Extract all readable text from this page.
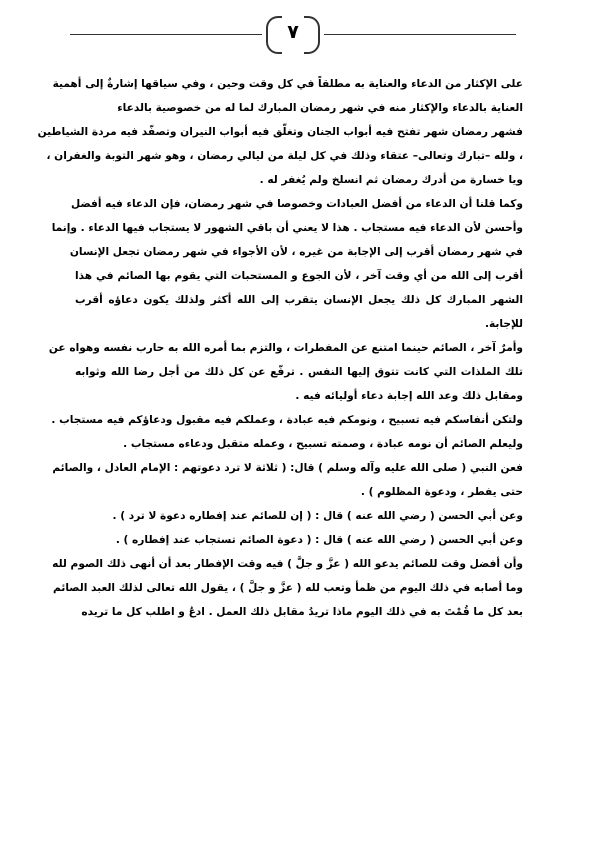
٧
على الإكثار من الدعاء والعناية به مطلقاً في كل وقت وحين ، وفي سياقها إشارةٌ إلى أهمية
العناية بالدعاء والإكثار منه في شهر رمضان المبارك لما له من خصوصية بالدعاء
فشهر رمضان شهر تفتح فيه أبواب الجنان وتغلّق فيه أبواب النيران وتصفّد فيه مردة الشياطين
، ولله –تبارك وتعالى– عتقاء وذلك في كل ليلة من ليالي رمضان ، وهو شهر التوبة والغفران ،
ويا خسارة من أدرك رمضان ثم انسلخ ولم يُغفر له .
وكما قلنا أن الدعاء من أفضل العبادات وخصوصا في شهر رمضان، فإن الدعاء فيه أفضل
وأحسن لأن الدعاء فيه مستجاب . هذا لا يعني أن باقي الشهور لا يستجاب فيها الدعاء . وإنما
في شهر رمضان أقرب إلى الإجابة من غيره ، لأن الأجواء في شهر رمضان تجعل الإنسان
أقرب إلى الله من أي وقت آخر ، لأن الجوع و المستحبات التي يقوم بها الصائم في هذا
الشهر المبارك كل ذلك يجعل الإنسان يتقرب إلى الله أكثر ولذلك يكون دعاؤه أقرب
للإجابة.
وأمرٌ آخر ، الصائم حينما امتنع عن المفطرات ، والتزم بما أمره الله به حارب نفسه وهواه عن
تلك الملذات التي كانت تتوق إليها النفس . ترفّع عن كل ذلك من أجل رضا الله وثوابه
ومقابل ذلك وعد الله إجابة دعاء أوليائه فيه .
ولتكن أنفاسكم فيه تسبيح ، ونومكم فيه عبادة ، وعملكم فيه مقبول ودعاؤكم فيه مستجاب .
وليعلم الصائم أن نومه عبادة ، وصمته تسبيح ، وعمله متقبل ودعاءه مستجاب .
فعن النبي ( صلى الله عليه وآله وسلم ) قال: ( ثلاثة لا ترد دعوتهم : الإمام العادل ، والصائم
حتى يفطر ، ودعوة المظلوم ) .
وعن أبي الحسن ( رضي الله عنه ) قال : ( إن للصائم عند إفطاره دعوة لا ترد ) .
وعن أبي الحسن ( رضي الله عنه ) قال : ( دعوة الصائم تستجاب عند إفطاره ) .
وأن أفضل وقت للصائم يدعو الله ( عزَّ و جلَّ ) فيه وقت الإفطار بعد أن أنهى ذلك الصوم لله
وما أصابه في ذلك اليوم من ظمأ وتعب لله ( عزَّ و جلَّ ) ، يقول الله تعالى لذلك العبد الصائم
بعد كل ما قُمْتَ به في ذلك اليوم ماذا تريدُ مقابل ذلك العمل . ادعُ و اطلب كل ما تريده
